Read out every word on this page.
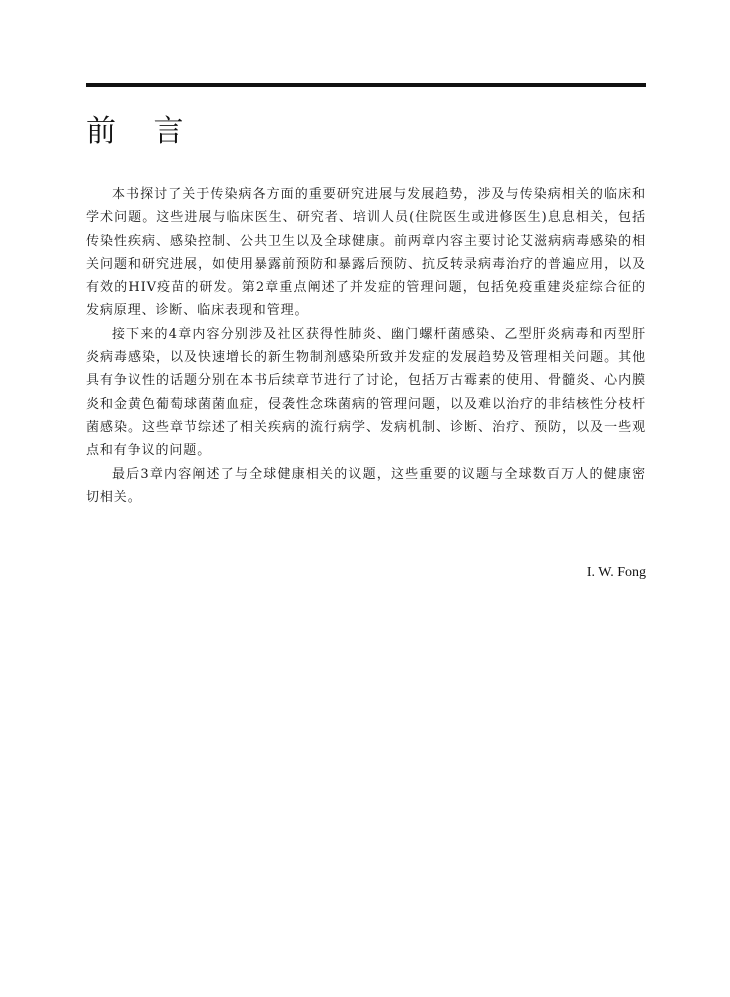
前 言

本书探讨了关于传染病各方面的重要研究进展与发展趋势，涉及与传染病相关的临床和学术问题。这些进展与临床医生、研究者、培训人员(住院医生或进修医生)息息相关，包括传染性疾病、感染控制、公共卫生以及全球健康。前两章内容主要讨论艾滋病病毒感染的相关问题和研究进展，如使用暴露前预防和暴露后预防、抗反转录病毒治疗的普遍应用，以及有效的HIV疫苗的研发。第2章重点阐述了并发症的管理问题，包括免疫重建炎症综合征的发病原理、诊断、临床表现和管理。

接下来的4章内容分别涉及社区获得性肺炎、幽门螺杆菌感染、乙型肝炎病毒和丙型肝炎病毒感染，以及快速增长的新生物制剂感染所致并发症的发展趋势及管理相关问题。其他具有争议性的话题分别在本书后续章节进行了讨论，包括万古霉素的使用、骨髓炎、心内膜炎和金黄色葡萄球菌菌血症，侵袭性念珠菌病的管理问题，以及难以治疗的非结核性分枝杆菌感染。这些章节综述了相关疾病的流行病学、发病机制、诊断、治疗、预防，以及一些观点和有争议的问题。

最后3章内容阐述了与全球健康相关的议题，这些重要的议题与全球数百万人的健康密切相关。

I. W. Fong
